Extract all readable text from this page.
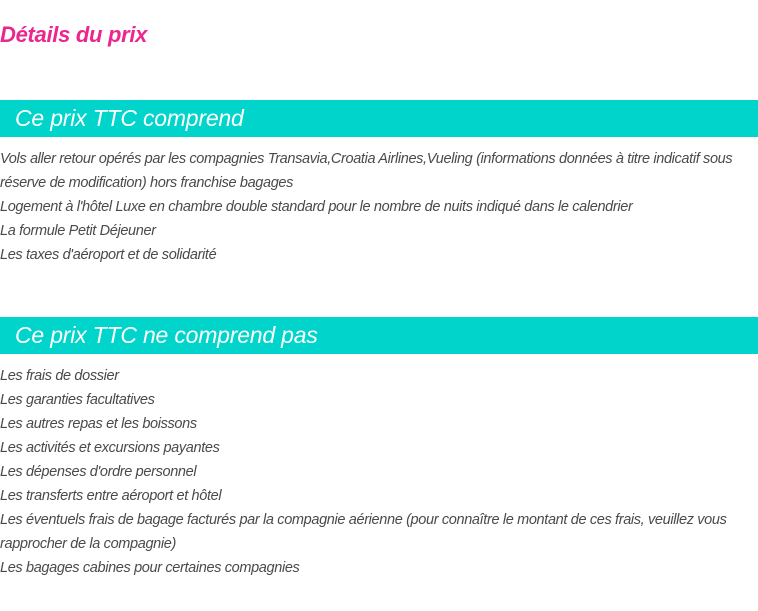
Détails du prix
Ce prix TTC comprend
Vols aller retour opérés par les compagnies Transavia,Croatia Airlines,Vueling (informations données à titre indicatif sous réserve de modification) hors franchise bagages
Logement à l'hôtel Luxe en chambre double standard pour le nombre de nuits indiqué dans le calendrier
La formule Petit Déjeuner
Les taxes d'aéroport et de solidarité
Ce prix TTC ne comprend pas
Les frais de dossier
Les garanties facultatives
Les autres repas et les boissons
Les activités et excursions payantes
Les dépenses d'ordre personnel
Les transferts entre aéroport et hôtel
Les éventuels frais de bagage facturés par la compagnie aérienne (pour connaître le montant de ces frais, veuillez vous rapprocher de la compagnie)
Les bagages cabines pour certaines compagnies
